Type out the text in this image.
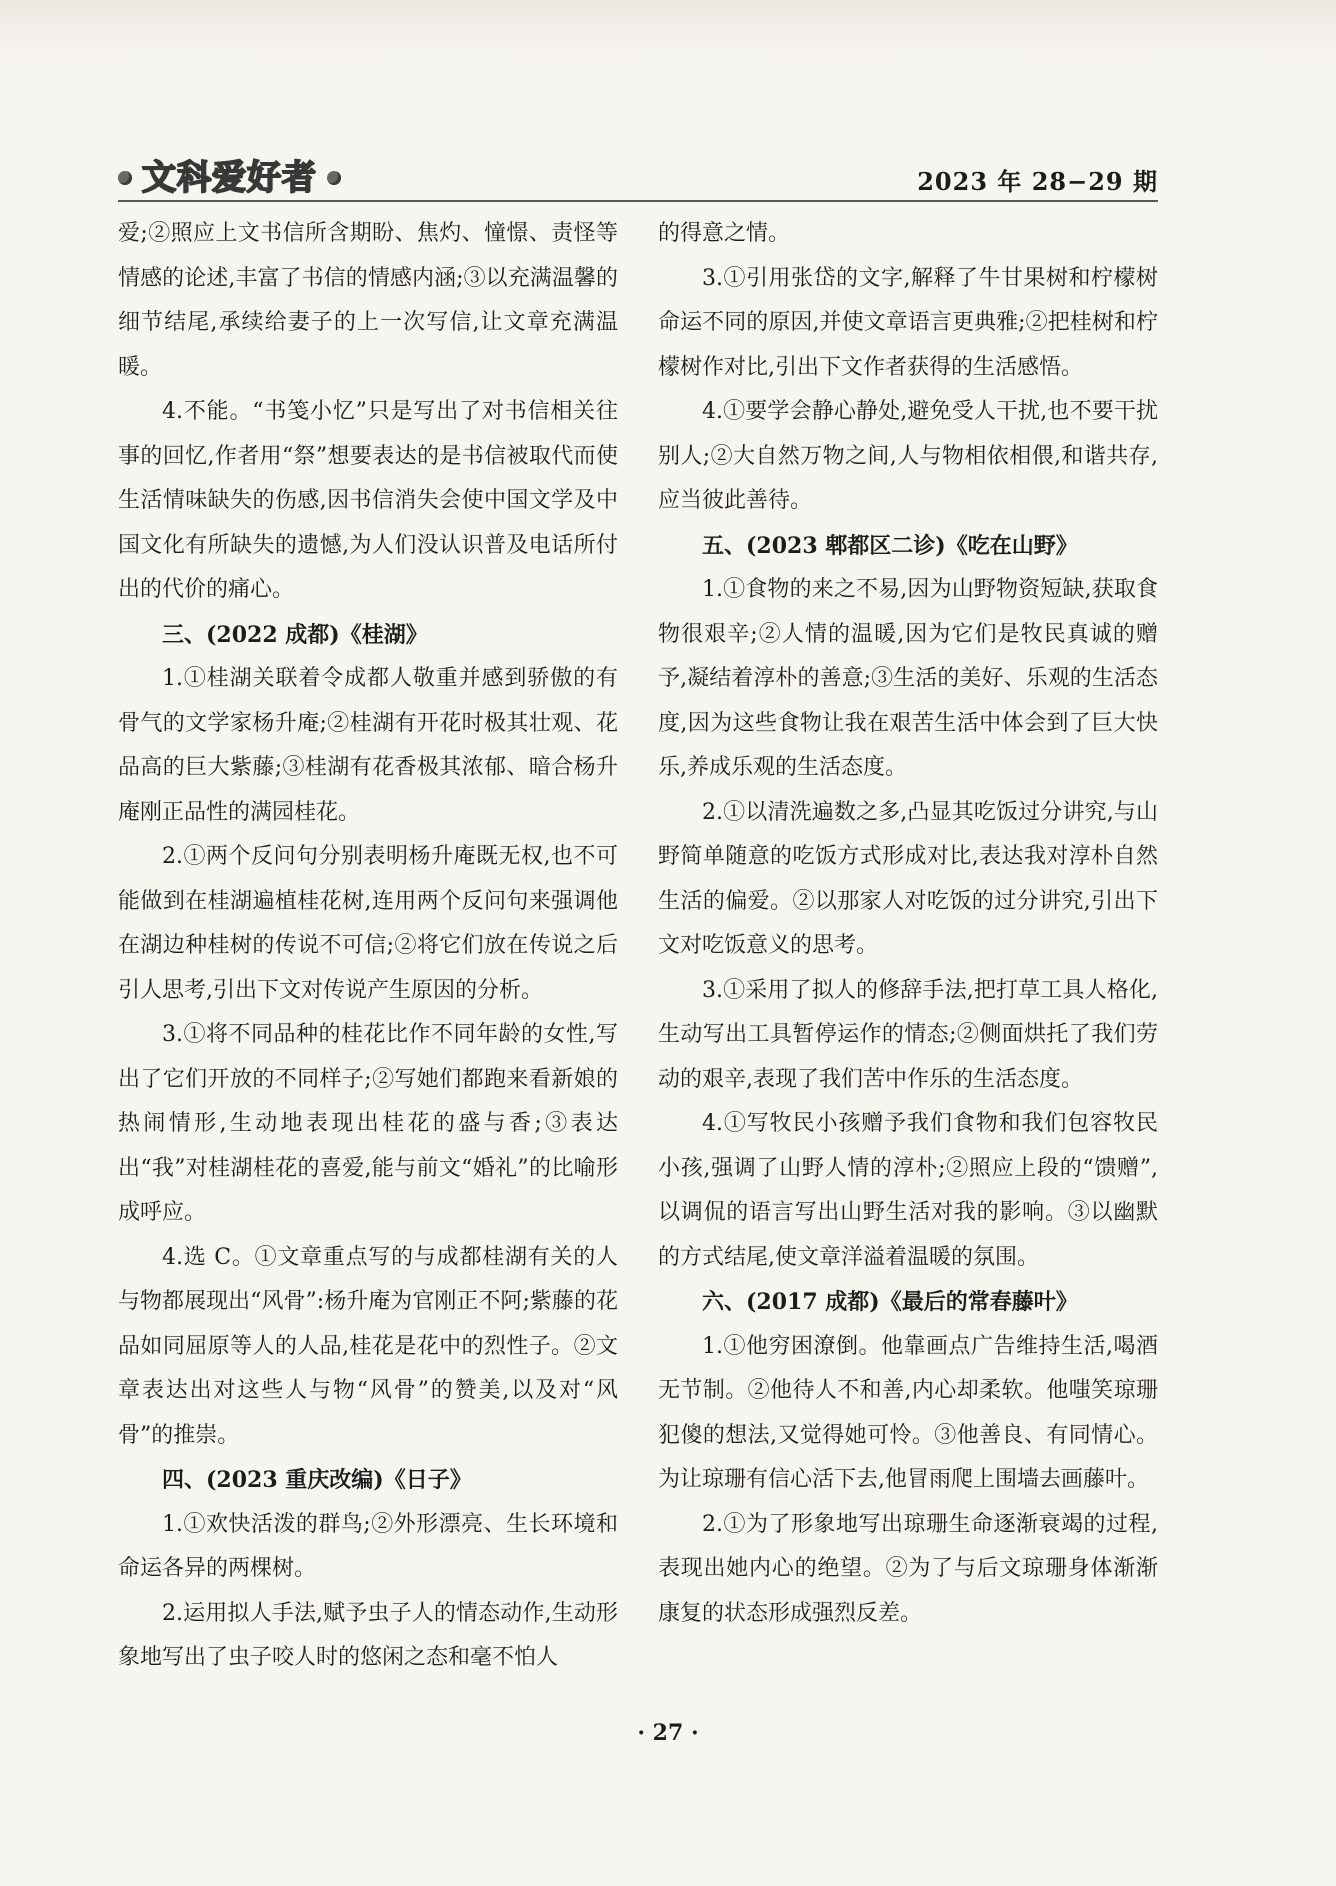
文科爱好者	2023 年 28−29 期

爱;②照应上文书信所含期盼、焦灼、憧憬、责怪等情感的论述,丰富了书信的情感内涵;③以充满温馨的细节结尾,承续给妻子的上一次写信,让文章充满温暖。

4.不能。“书笺小忆”只是写出了对书信相关往事的回忆,作者用“祭”想要表达的是书信被取代而使生活情味缺失的伤感,因书信消失会使中国文学及中国文化有所缺失的遗憾,为人们没认识普及电话所付出的代价的痛心。

三、(2022 成都)《桂湖》

1.①桂湖关联着令成都人敬重并感到骄傲的有骨气的文学家杨升庵;②桂湖有开花时极其壮观、花品高的巨大紫藤;③桂湖有花香极其浓郁、暗合杨升庵刚正品性的满园桂花。

2.①两个反问句分别表明杨升庵既无权,也不可能做到在桂湖遍植桂花树,连用两个反问句来强调他在湖边种桂树的传说不可信;②将它们放在传说之后引人思考,引出下文对传说产生原因的分析。

3.①将不同品种的桂花比作不同年龄的女性,写出了它们开放的不同样子;②写她们都跑来看新娘的热闹情形,生动地表现出桂花的盛与香;③表达出“我”对桂湖桂花的喜爱,能与前文“婚礼”的比喻形成呼应。

4.选 C。①文章重点写的与成都桂湖有关的人与物都展现出“风骨”:杨升庵为官刚正不阿;紫藤的花品如同屈原等人的人品,桂花是花中的烈性子。②文章表达出对这些人与物“风骨”的赞美,以及对“风骨”的推崇。

四、(2023 重庆改编)《日子》

1.①欢快活泼的群鸟;②外形漂亮、生长环境和命运各异的两棵树。

2.运用拟人手法,赋予虫子人的情态动作,生动形象地写出了虫子咬人时的悠闲之态和毫不怕人

的得意之情。

3.①引用张岱的文字,解释了牛甘果树和柠檬树命运不同的原因,并使文章语言更典雅;②把桂树和柠檬树作对比,引出下文作者获得的生活感悟。

4.①要学会静心静处,避免受人干扰,也不要干扰别人;②大自然万物之间,人与物相依相偎,和谐共存,应当彼此善待。

五、(2023 郫都区二诊)《吃在山野》

1.①食物的来之不易,因为山野物资短缺,获取食物很艰辛;②人情的温暖,因为它们是牧民真诚的赠予,凝结着淳朴的善意;③生活的美好、乐观的生活态度,因为这些食物让我在艰苦生活中体会到了巨大快乐,养成乐观的生活态度。

2.①以清洗遍数之多,凸显其吃饭过分讲究,与山野简单随意的吃饭方式形成对比,表达我对淳朴自然生活的偏爱。②以那家人对吃饭的过分讲究,引出下文对吃饭意义的思考。

3.①采用了拟人的修辞手法,把打草工具人格化,生动写出工具暂停运作的情态;②侧面烘托了我们劳动的艰辛,表现了我们苦中作乐的生活态度。

4.①写牧民小孩赠予我们食物和我们包容牧民小孩,强调了山野人情的淳朴;②照应上段的“馈赠”,以调侃的语言写出山野生活对我的影响。③以幽默的方式结尾,使文章洋溢着温暖的氛围。

六、(2017 成都)《最后的常春藤叶》

1.①他穷困潦倒。他靠画点广告维持生活,喝酒无节制。②他待人不和善,内心却柔软。他嗤笑琼珊犯傻的想法,又觉得她可怜。③他善良、有同情心。为让琼珊有信心活下去,他冒雨爬上围墙去画藤叶。

2.①为了形象地写出琼珊生命逐渐衰竭的过程,表现出她内心的绝望。②为了与后文琼珊身体渐渐康复的状态形成强烈反差。

· 27 ·
